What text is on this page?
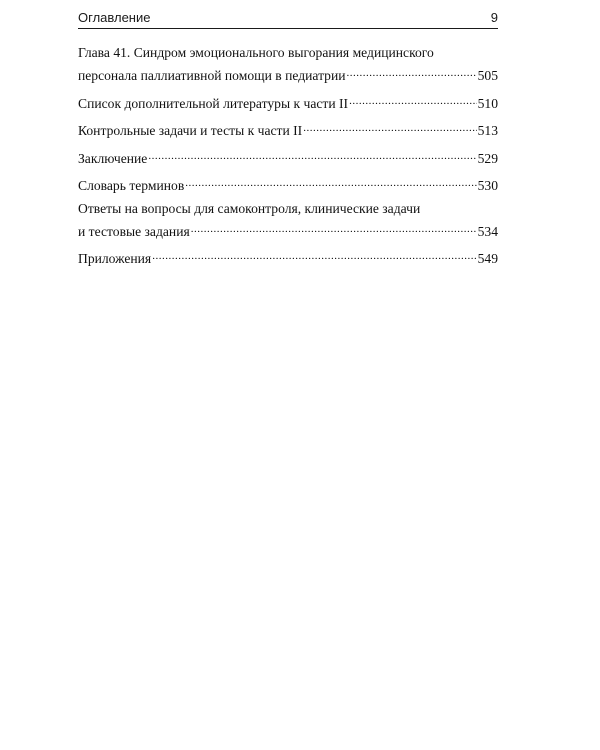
Оглавление	9
Глава 41. Синдром эмоционального выгорания медицинского
персонала паллиативной помощи в педиатрии .....	505
Список дополнительной литературы к части II .....	510
Контрольные задачи и тесты к части II .....	513
Заключение .....	529
Словарь терминов .....	530
Ответы на вопросы для самоконтроля, клинические задачи
и тестовые задания .....	534
Приложения .....	549
